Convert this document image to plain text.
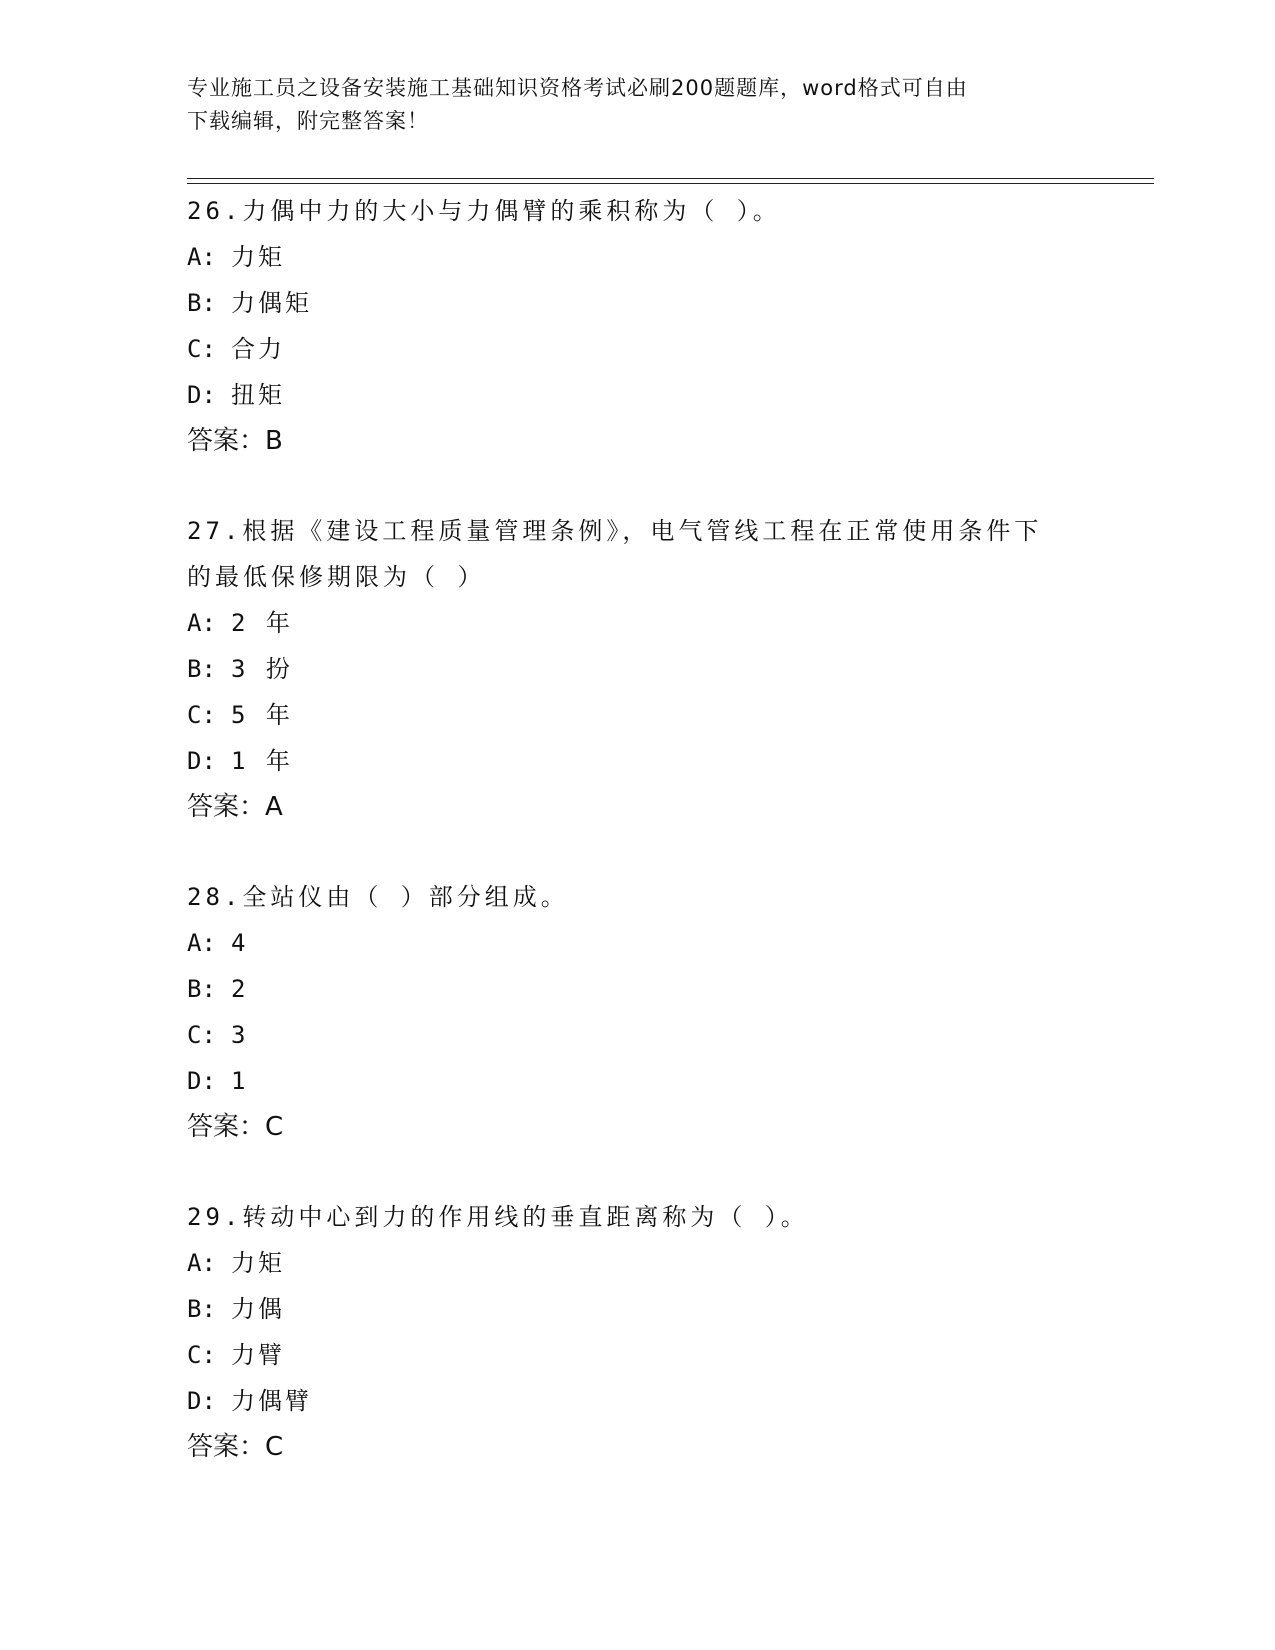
专业施工员之设备安装施工基础知识资格考试必刷200题题库，word格式可自由

下载编辑，附完整答案！

26.力偶中力的大小与力偶臂的乘积称为（ ）。

A: 力矩

B: 力偶矩

C: 合力

D: 扭矩

答案：B

27.根据《建设工程质量管理条例》，电气管线工程在正常使用条件下

的最低保修期限为（ ）

A: 2 年

B: 3 扮

C: 5 年

D: 1 年

答案：A

28.全站仪由（ ）部分组成。

A: 4

B: 2

C: 3

D: 1

答案：C

29.转动中心到力的作用线的垂直距离称为（ ）。

A: 力矩

B: 力偶

C: 力臂

D: 力偶臂

答案：C
